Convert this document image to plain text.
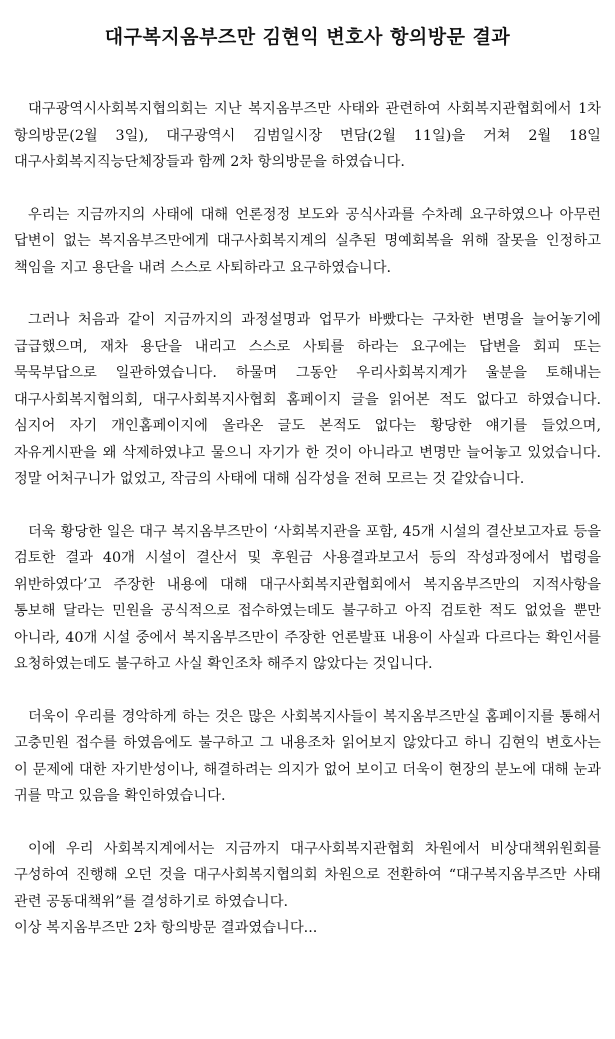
대구복지옴부즈만 김현익 변호사 항의방문 결과

대구광역시사회복지협의회는 지난 복지옴부즈만 사태와 관련하여 사회복지관협회에서 1차 항의방문(2월 3일), 대구광역시 김범일시장 면담(2월 11일)을 거쳐 2월 18일 대구사회복지직능단체장들과 함께 2차 항의방문을 하였습니다.

우리는 지금까지의 사태에 대해 언론정정 보도와 공식사과를 수차례 요구하였으나 아무런 답변이 없는 복지옴부즈만에게 대구사회복지계의 실추된 명예회복을 위해 잘못을 인정하고 책임을 지고 용단을 내려 스스로 사퇴하라고 요구하였습니다.

그러나 처음과 같이 지금까지의 과정설명과 업무가 바빴다는 구차한 변명을 늘어놓기에 급급했으며, 재차 용단을 내리고 스스로 사퇴를 하라는 요구에는 답변을 회피 또는 묵묵부답으로 일관하였습니다. 하물며 그동안 우리사회복지계가 울분을 토해내는 대구사회복지협의회, 대구사회복지사협회 홈페이지 글을 읽어본 적도 없다고 하였습니다. 심지어 자기 개인홈페이지에 올라온 글도 본적도 없다는 황당한 얘기를 들었으며, 자유게시판을 왜 삭제하였냐고 물으니 자기가 한 것이 아니라고 변명만 늘어놓고 있었습니다. 정말 어처구니가 없었고, 작금의 사태에 대해 심각성을 전혀 모르는 것 같았습니다.

더욱 황당한 일은 대구 복지옴부즈만이 ‘사회복지관을 포함, 45개 시설의 결산보고자료 등을 검토한 결과 40개 시설이 결산서 및 후원금 사용결과보고서 등의 작성과정에서 법령을 위반하였다’고 주장한 내용에 대해 대구사회복지관협회에서 복지옴부즈만의 지적사항을 통보해 달라는 민원을 공식적으로 접수하였는데도 불구하고 아직 검토한 적도 없었을 뿐만 아니라, 40개 시설 중에서 복지옴부즈만이 주장한 언론발표 내용이 사실과 다르다는 확인서를 요청하였는데도 불구하고 사실 확인조차 해주지 않았다는 것입니다.

더욱이 우리를 경악하게 하는 것은 많은 사회복지사들이 복지옴부즈만실 홈페이지를 통해서 고충민원 접수를 하였음에도 불구하고 그 내용조차 읽어보지 않았다고 하니 김현익 변호사는 이 문제에 대한 자기반성이나, 해결하려는 의지가 없어 보이고 더욱이 현장의 분노에 대해 눈과 귀를 막고 있음을 확인하였습니다.

이에 우리 사회복지계에서는 지금까지 대구사회복지관협회 차원에서 비상대책위원회를 구성하여 진행해 오던 것을 대구사회복지협의회 차원으로 전환하여 “대구복지옴부즈만 사태 관련 공동대책위”를 결성하기로 하였습니다.

이상 복지옴부즈만 2차 항의방문 결과였습니다...
